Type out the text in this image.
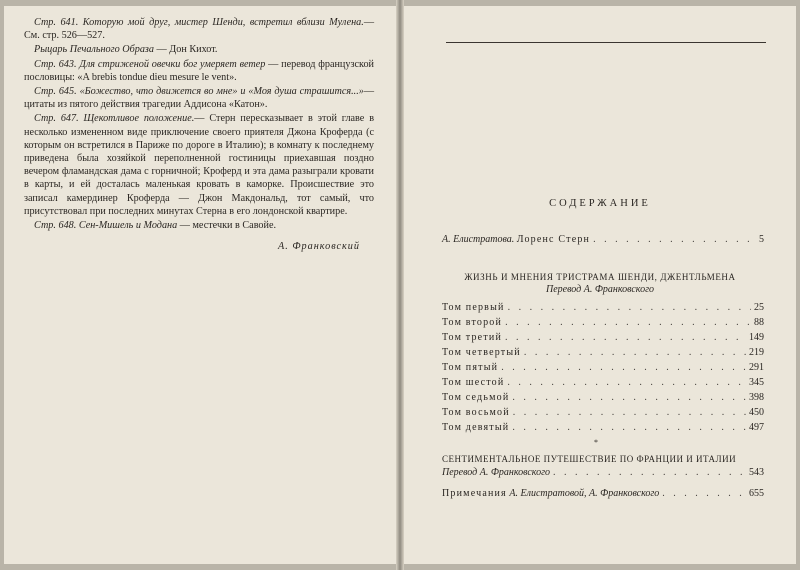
Стр. 641. Которую мой друг, мистер Шенди, встретил вблизи Мулена.— См. стр. 526—527.

Рыцарь Печального Образа — Дон Кихот.

Стр. 643. Для стриженой овечки бог умеряет ветер — перевод французской пословицы: «A brebis tondue dieu mesure le vent».

Стр. 645. «Божество, что движется во мне» и «Моя душа страшится...»— цитаты из пятого действия трагедии Аддисона «Катон».

Стр. 647. Щекотливое положение.— Стерн пересказывает в этой главе в несколько измененном виде приключение своего приятеля Джона Кроферда (с которым он встретился в Париже по дороге в Италию); в комнату к последнему приведена была хозяйкой переполненной гостиницы приехавшая поздно вечером фламандская дама с горничной; Кроферд и эта дама разыграли кровати в карты, и ей досталась маленькая кровать в каморке. Происшествие это записал камердинер Кроферда — Джон Макдональд, тот самый, что присутствовал при последних минутах Стерна в его лондонской квартире.

Стр. 648. Сен-Мишель и Модана — местечки в Савойе.

А. Франковский
СОДЕРЖАНИЕ
А. Елистратова. Лоренс Стерн . . .	5
ЖИЗНЬ И МНЕНИЯ ТРИСТРАМА ШЕНДИ, ДЖЕНТЛЬМЕНА
Перевод А. Франковского
Том первый . . .	25
Том второй . . .	88
Том третий . . .	149
Том четвертый . . .	219
Том пятый . . .	291
Том шестой . . .	345
Том седьмой . . .	398
Том восьмой . . .	450
Том девятый . . .	497
*
СЕНТИМЕНТАЛЬНОЕ ПУТЕШЕСТВИЕ ПО ФРАНЦИИ И ИТАЛИИ
Перевод А. Франковского . . .	543
Примечания А. Елистратовой, А. Франковского . . .	655
